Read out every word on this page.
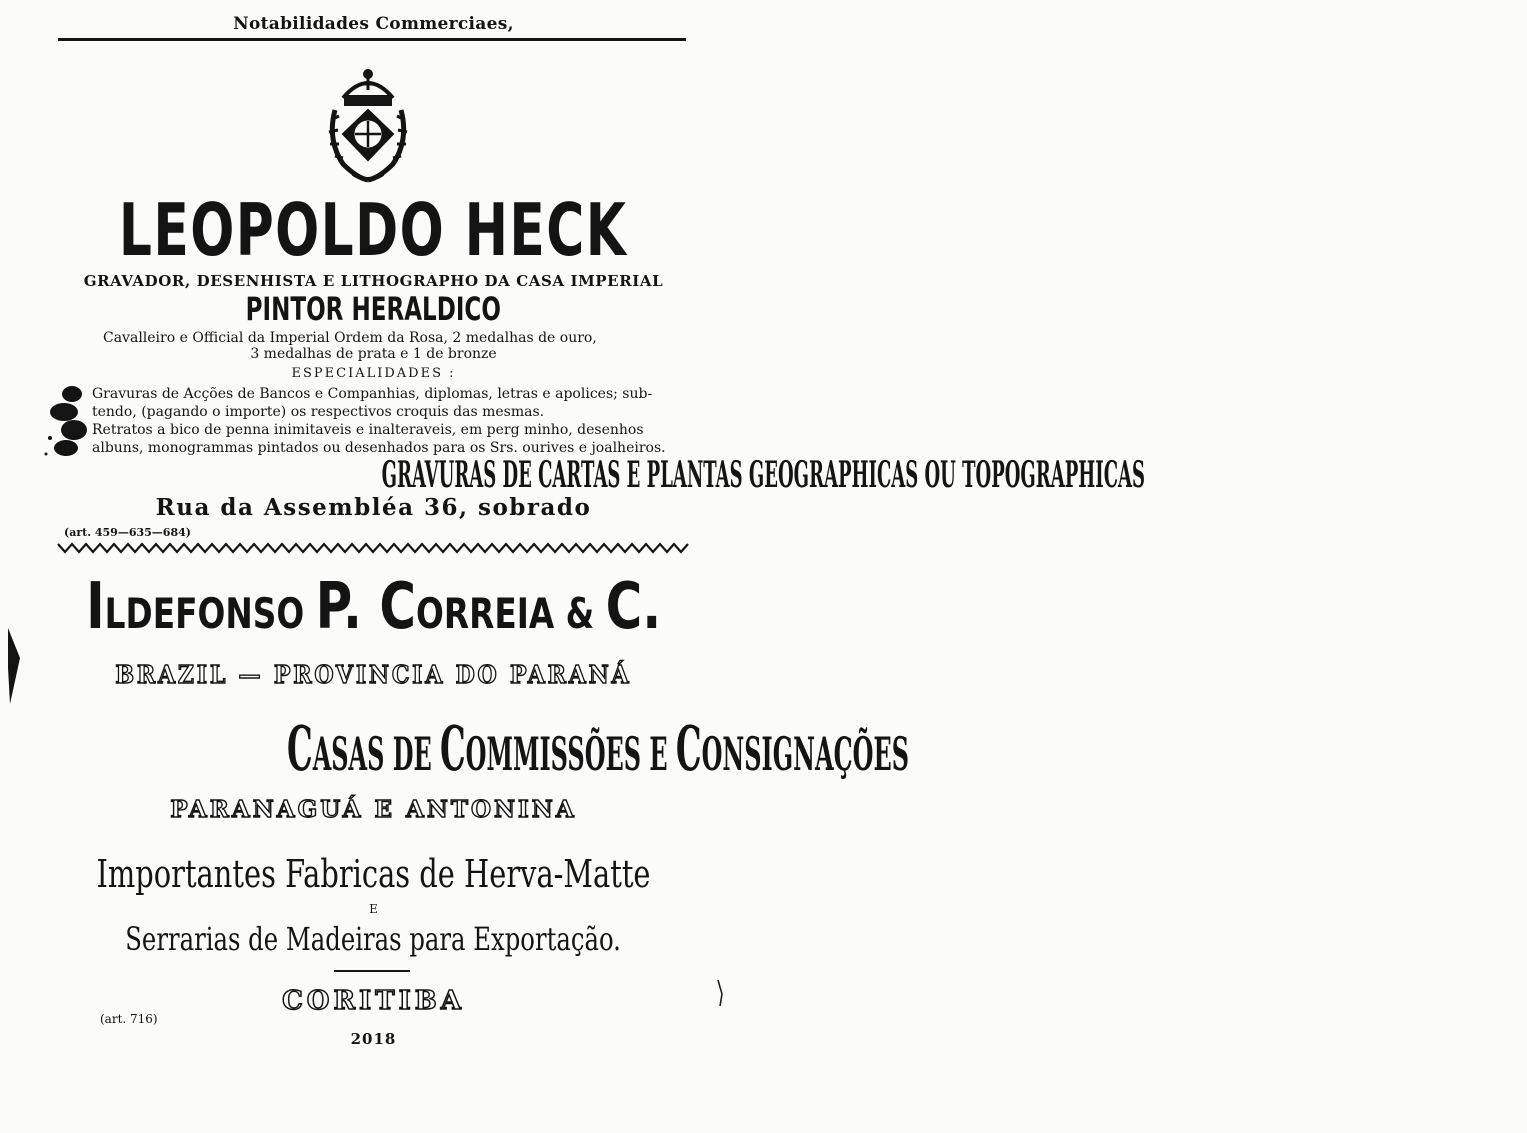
Notabilidades Commerciaes,
LEOPOLDO HECK
GRAVADOR, DESENHISTA E LITHOGRAPHO DA CASA IMPERIAL
PINTOR HERALDICO
Cavalleiro e Official da Imperial Ordem da Rosa, 2 medalhas de ouro,
3 medalhas de prata e 1 de bronze
ESPECIALIDADES :
Gravuras de Acções de Bancos e Companhias, diplomas, letras e apolices; sub-
tendo, (pagando o importe) os respectivos croquis das mesmas.
Retratos a bico de penna inimitaveis e inalteraveis, em perg minho, desenhos
albuns, monogrammas pintados ou desenhados para os Srs. ourives e joalheiros.
GRAVURAS DE CARTAS E PLANTAS GEOGRAPHICAS OU TOPOGRAPHICAS
Rua da Assembléa 36, sobrado
(art. 459—635—684)
ILDEFONSO P. CORREIA & C.
BRAZIL — PROVINCIA DO PARANÁ
CASAS DE COMMISSÕES E CONSIGNAÇÕES
PARANAGUÁ E ANTONINA
Importantes Fabricas de Herva-Matte
E
Serrarias de Madeiras para Exportação.
CORITIBA
(art. 716)
2018
